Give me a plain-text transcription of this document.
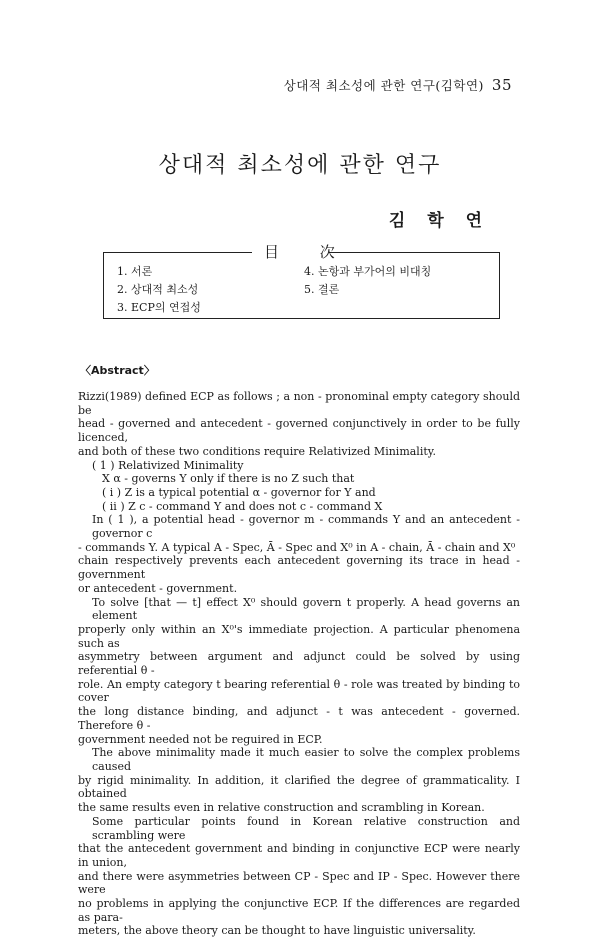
상대적 최소성에 관한 연구(김학연) 35
상대적 최소성에 관한 연구
김 학 연
目 次
1. 서론
2. 상대적 최소성
3. ECP의 연접성
4. 논항과 부가어의 비대칭
5. 결론
〈Abstract〉

Rizzi(1989) defined ECP as follows ; a non - pronominal empty category should be

head - governed and antecedent - governed conjunctively in order to be fully licenced,

and both of these two conditions require Relativized Minimality.

( 1 ) Relativized Minimality

X α - governs Y only if there is no Z such that

( i ) Z is a typical potential α - governor for Y and

( ii ) Z c - command Y and does not c - command X

In ( 1 ), a potential head - governor m - commands Y and an antecedent - governor c

- commands Y. A typical A - Spec, Ā - Spec and X⁰ in A - chain, Ā - chain and X⁰

chain respectively prevents each antecedent governing its trace in head - government

or antecedent - government.

To solve [that — t] effect X⁰ should govern t properly. A head governs an element

properly only within an X⁰'s immediate projection. A particular phenomena such as

asymmetry between argument and adjunct could be solved by using referential θ -

role. An empty category t bearing referential θ - role was treated by binding to cover

the long distance binding, and adjunct - t was antecedent - governed. Therefore θ -

government needed not be reguired in ECP.

The above minimality made it much easier to solve the complex problems caused

by rigid minimality. In addition, it clarified the degree of grammaticality. I obtained

the same results even in relative construction and scrambling in Korean.

Some particular points found in Korean relative construction and scrambling were

that the antecedent government and binding in conjunctive ECP were nearly in union,

and there were asymmetries between CP - Spec and IP - Spec. However there were

no problems in applying the conjunctive ECP. If the differences are regarded as para-

meters, the above theory can be thought to have linguistic universality.
